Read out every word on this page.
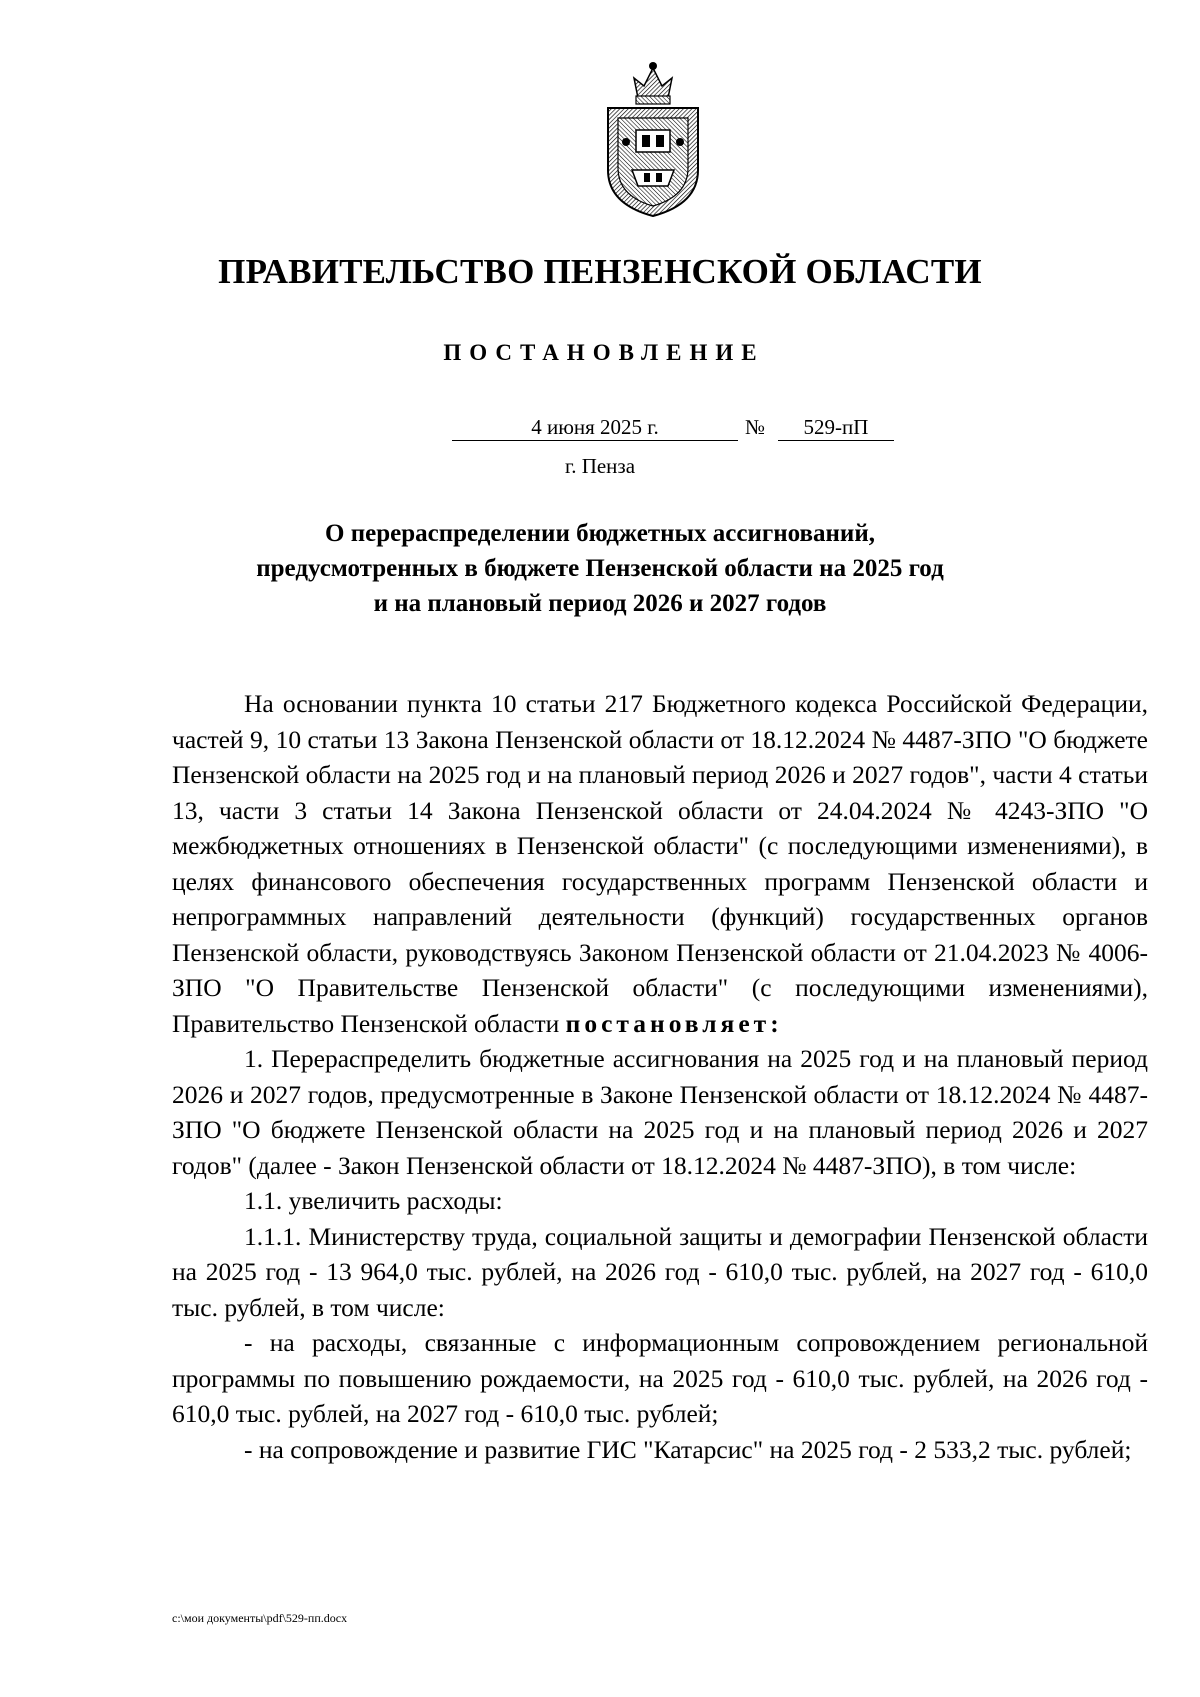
ПРАВИТЕЛЬСТВО ПЕНЗЕНСКОЙ ОБЛАСТИ
ПОСТАНОВЛЕНИЕ
4 июня 2025 г.	№	529-пП
г. Пенза
О перераспределении бюджетных ассигнований,
предусмотренных в бюджете Пензенской области на 2025 год
и на плановый период 2026 и 2027 годов

На основании пункта 10 статьи 217 Бюджетного кодекса Российской Федерации, частей 9, 10 статьи 13 Закона Пензенской области от 18.12.2024 № 4487-ЗПО "О бюджете Пензенской области на 2025 год и на плановый период 2026 и 2027 годов", части 4 статьи 13, части 3 статьи 14 Закона Пензенской области от 24.04.2024 № 4243-ЗПО "О межбюджетных отношениях в Пензенской области" (с последующими изменениями), в целях финансового обеспечения государственных программ Пензенской области и непрограммных направлений деятельности (функций) государственных органов Пензенской области, руководствуясь Законом Пензенской области от 21.04.2023 № 4006-ЗПО "О Правительстве Пензенской области" (с последующими изменениями), Правительство Пензенской области постановляет:

1. Перераспределить бюджетные ассигнования на 2025 год и на плановый период 2026 и 2027 годов, предусмотренные в Законе Пензенской области от 18.12.2024 № 4487-ЗПО "О бюджете Пензенской области на 2025 год и на плановый период 2026 и 2027 годов" (далее - Закон Пензенской области от 18.12.2024 № 4487-ЗПО), в том числе:

1.1. увеличить расходы:

1.1.1. Министерству труда, социальной защиты и демографии Пензенской области на 2025 год - 13 964,0 тыс. рублей, на 2026 год - 610,0 тыс. рублей, на 2027 год - 610,0 тыс. рублей, в том числе:

- на расходы, связанные с информационным сопровождением региональной программы по повышению рождаемости, на 2025 год - 610,0 тыс. рублей, на 2026 год - 610,0 тыс. рублей, на 2027 год - 610,0 тыс. рублей;

- на сопровождение и развитие ГИС "Катарсис" на 2025 год - 2 533,2 тыс. рублей;

c:\мои документы\pdf\529-пп.docx
